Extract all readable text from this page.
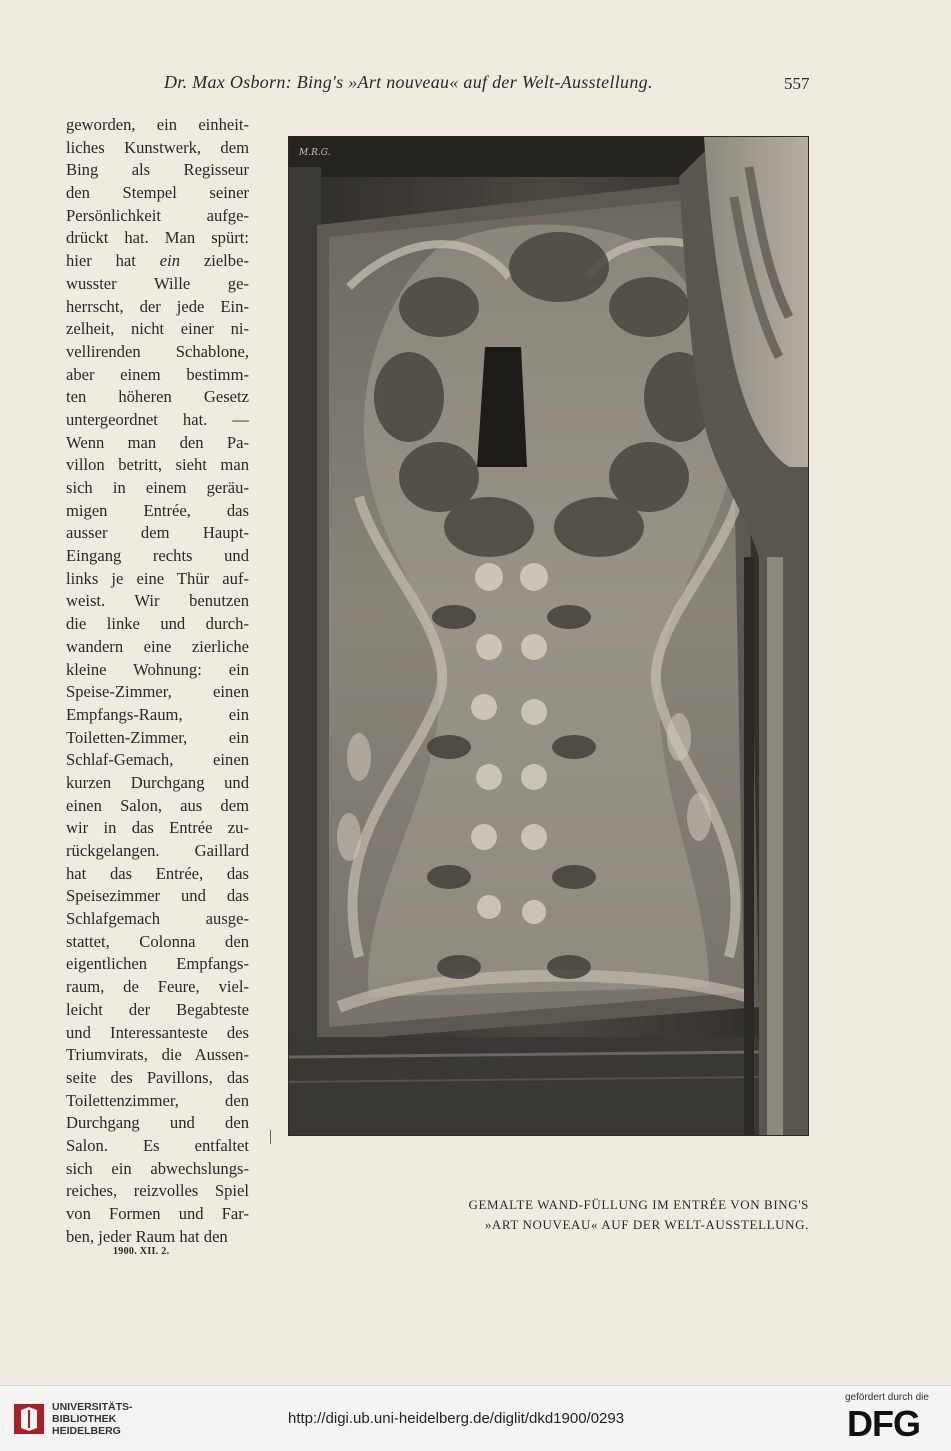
Dr. Max Osborn: Bing's »Art nouveau« auf der Welt-Ausstellung.	557
geworden, ein einheit-
liches Kunstwerk, dem
Bing als Regisseur
den Stempel seiner
Persönlichkeit aufge-
drückt hat. Man spürt:
hier hat ein zielbe-
wusster Wille ge-
herrscht, der jede Ein-
zelheit, nicht einer ni-
vellirenden Schablone,
aber einem bestimm-
ten höheren Gesetz
untergeordnet hat. —
Wenn man den Pa-
villon betritt, sieht man
sich in einem geräu-
migen Entrée, das
ausser dem Haupt-
Eingang rechts und
links je eine Thür auf-
weist. Wir benutzen
die linke und durch-
wandern eine zierliche
kleine Wohnung: ein
Speise-Zimmer, einen
Empfangs-Raum, ein
Toiletten-Zimmer, ein
Schlaf-Gemach, einen
kurzen Durchgang und
einen Salon, aus dem
wir in das Entrée zu-
rückgelangen. Gaillard
hat das Entrée, das
Speisezimmer und das
Schlafgemach ausge-
stattet, Colonna den
eigentlichen Empfangs-
raum, de Feure, viel-
leicht der Begabteste
und Interessanteste des
Triumvirats, die Aussen-
seite des Pavillons, das
Toilettenzimmer, den
Durchgang und den
Salon. Es entfaltet
sich ein abwechslungs-
reiches, reizvolles Spiel
von Formen und Far-
ben, jeder Raum hat den
1900. XII. 2.
M.R.G.
GEMALTE WAND-FÜLLUNG IM ENTRÉE VON BING'S
»ART NOUVEAU« AUF DER WELT-AUSSTELLUNG.
UNIVERSITÄTS-
BIBLIOTHEK
HEIDELBERG
http://digi.ub.uni-heidelberg.de/diglit/dkd1900/0293
gefördert durch die
DFG
